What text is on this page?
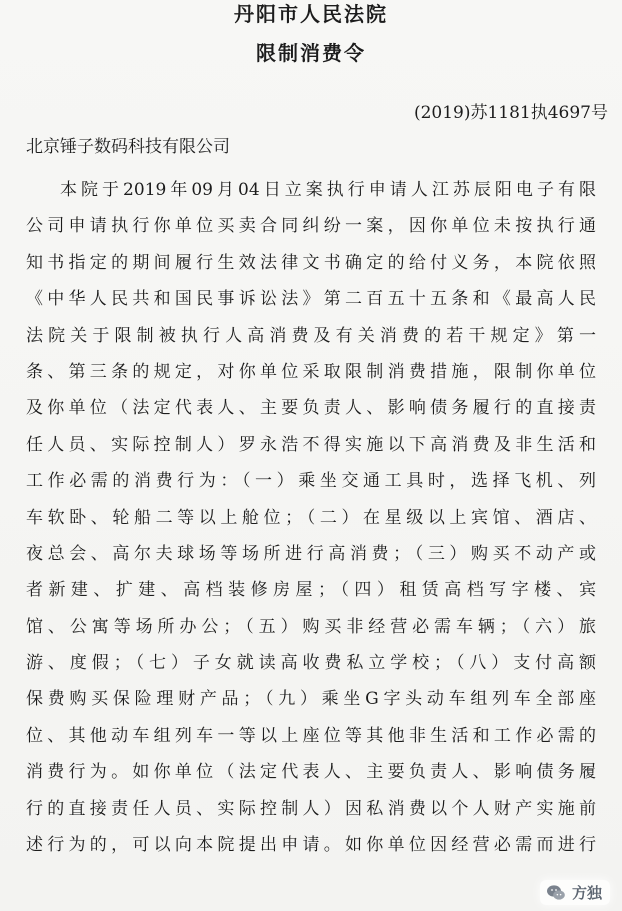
丹阳市人民法院
限制消费令
(2019)苏1181执4697号
北京锤子数码科技有限公司
本院于2019年09月04日立案执行申请人江苏辰阳电子有限
公司申请执行你单位买卖合同纠纷一案，因你单位未按执行通
知书指定的期间履行生效法律文书确定的给付义务，本院依照
《中华人民共和国民事诉讼法》第二百五十五条和《最高人民
法院关于限制被执行人高消费及有关消费的若干规定》第一
条、第三条的规定，对你单位采取限制消费措施，限制你单位
及你单位（法定代表人、主要负责人、影响债务履行的直接责
任人员、实际控制人）罗永浩不得实施以下高消费及非生活和
工作必需的消费行为：（一）乘坐交通工具时，选择飞机、列
车软卧、轮船二等以上舱位；（二）在星级以上宾馆、酒店、
夜总会、高尔夫球场等场所进行高消费；（三）购买不动产或
者新建、扩建、高档装修房屋；（四）租赁高档写字楼、宾
馆、公寓等场所办公；（五）购买非经营必需车辆；（六）旅
游、度假；（七）子女就读高收费私立学校；（八）支付高额
保费购买保险理财产品；（九）乘坐G字头动车组列车全部座
位、其他动车组列车一等以上座位等其他非生活和工作必需的
消费行为。如你单位（法定代表人、主要负责人、影响债务履
行的直接责任人员、实际控制人）因私消费以个人财产实施前
述行为的，可以向本院提出申请。如你单位因经营必需而进行
方独
